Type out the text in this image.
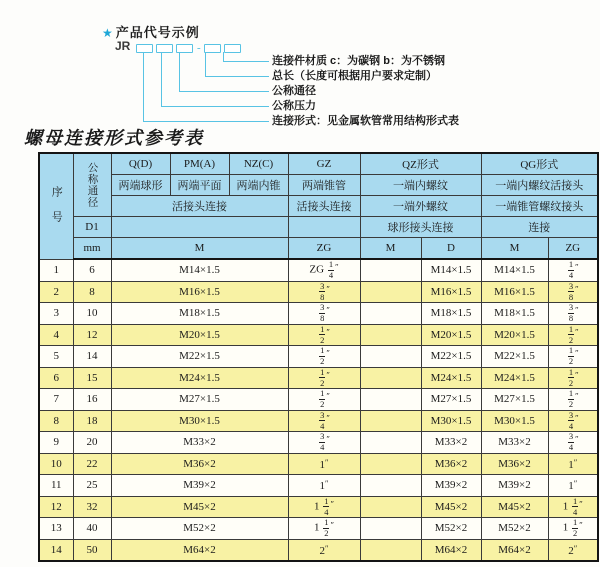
★ 产品代号示例
JR	-
连接件材质 c：为碳钢 b：为不锈钢
总长（长度可根据用户要求定制）
公称通径
公称压力
连接形式：见金属软管常用结构形式表
螺母连接形式参考表
序号	公称通径	Q(D)	PM(A)	NZ(C)	GZ	QZ形式		QG形式	
		两端球形	两端平面	两端内锥	两端锥管	一端内螺纹		一端内螺纹活接头	
		活接头连接			活接头连接	一端外螺纹		一端锥管螺纹接头	
	D1					球形接头连接		连接	
	mm	M			ZG	M	D	M	ZG
1	6	M14×1.5			ZG $\frac{1}{4} ''$		M14×1.5	M14×1.5	$\frac{1}{4} ''$
2	8	M16×1.5			$\frac{3}{8} ''$		M16×1.5	M16×1.5	$\frac{3}{8} ''$
3	10	M18×1.5			$\frac{3}{8} ''$		M18×1.5	M18×1.5	$\frac{3}{8} ''$
4	12	M20×1.5			$\frac{1}{2} ''$		M20×1.5	M20×1.5	$\frac{1}{2} ''$
5	14	M22×1.5			$\frac{1}{2} ''$		M22×1.5	M22×1.5	$\frac{1}{2} ''$
6	15	M24×1.5			$\frac{1}{2} ''$		M24×1.5	M24×1.5	$\frac{1}{2} ''$
7	16	M27×1.5			$\frac{1}{2} ''$		M27×1.5	M27×1.5	$\frac{1}{2} ''$
8	18	M30×1.5			$\frac{3}{4} ''$		M30×1.5	M30×1.5	$\frac{3}{4} ''$
9	20	M33×2			$\frac{3}{4} ''$		M33×2	M33×2	$\frac{3}{4} ''$
10	22	M36×2			1″		M36×2	M36×2	1″
11	25	M39×2			1″		M39×2	M39×2	1″
12	32	M45×2			$1 \frac{1}{4} ''$		M45×2	M45×2	$1 \frac{1}{4} ''$
13	40	M52×2			$1 \frac{1}{2} ''$		M52×2	M52×2	$1 \frac{1}{2} ''$
14	50	M64×2			2″		M64×2	M64×2	2″
